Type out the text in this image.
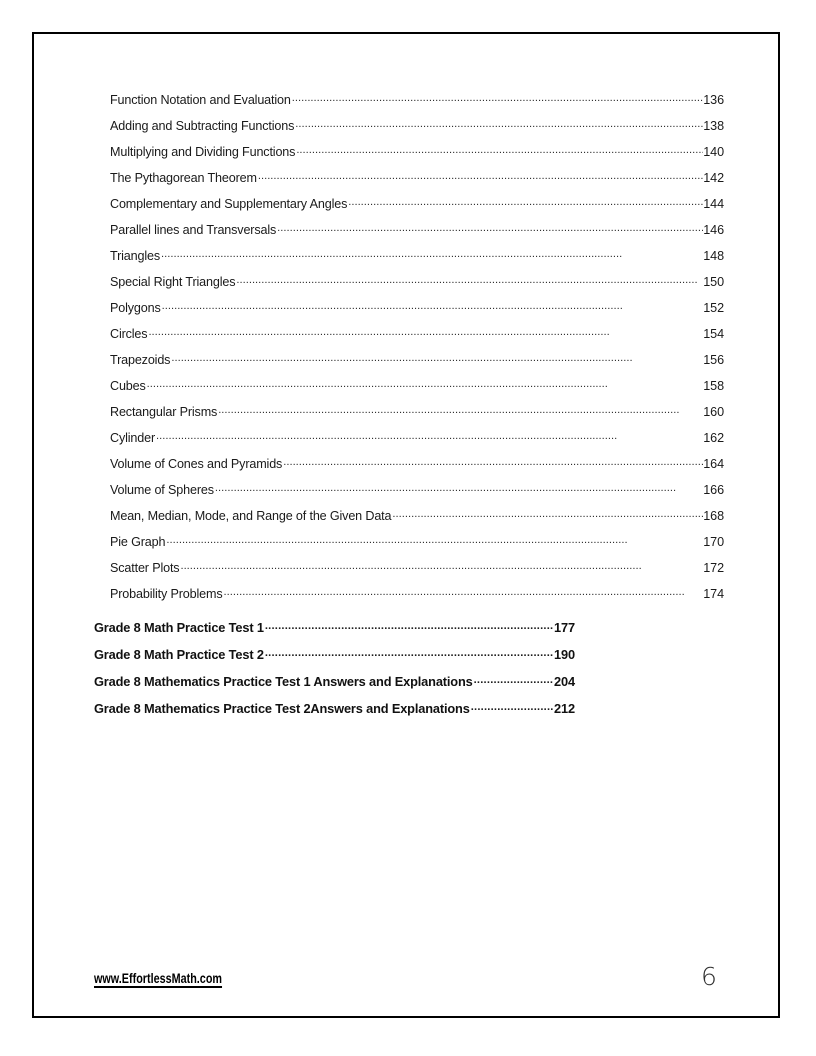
Function Notation and Evaluation . . .	136
Adding and Subtracting Functions . . .	138
Multiplying and Dividing Functions . . .	140
The Pythagorean Theorem . . .	142
Complementary and Supplementary Angles . . .	144
Parallel lines and Transversals . . .	146
Triangles . . .	148
Special Right Triangles . . .	150
Polygons . . .	152
Circles . . .	154
Trapezoids . . .	156
Cubes . . .	158
Rectangular Prisms . . .	160
Cylinder . . .	162
Volume of Cones and Pyramids . . .	164
Volume of Spheres . . .	166
Mean, Median, Mode, and Range of the Given Data . . .	168
Pie Graph . . .	170
Scatter Plots . . .	172
Probability Problems . . .	174
Grade 8 Math Practice Test 1 . . .	177
Grade 8 Math Practice Test 2 . . .	190
Grade 8 Mathematics Practice Test 1 Answers and Explanations . . .	204
Grade 8 Mathematics Practice Test 2Answers and Explanations . . .	212
www.EffortlessMath.com	6
